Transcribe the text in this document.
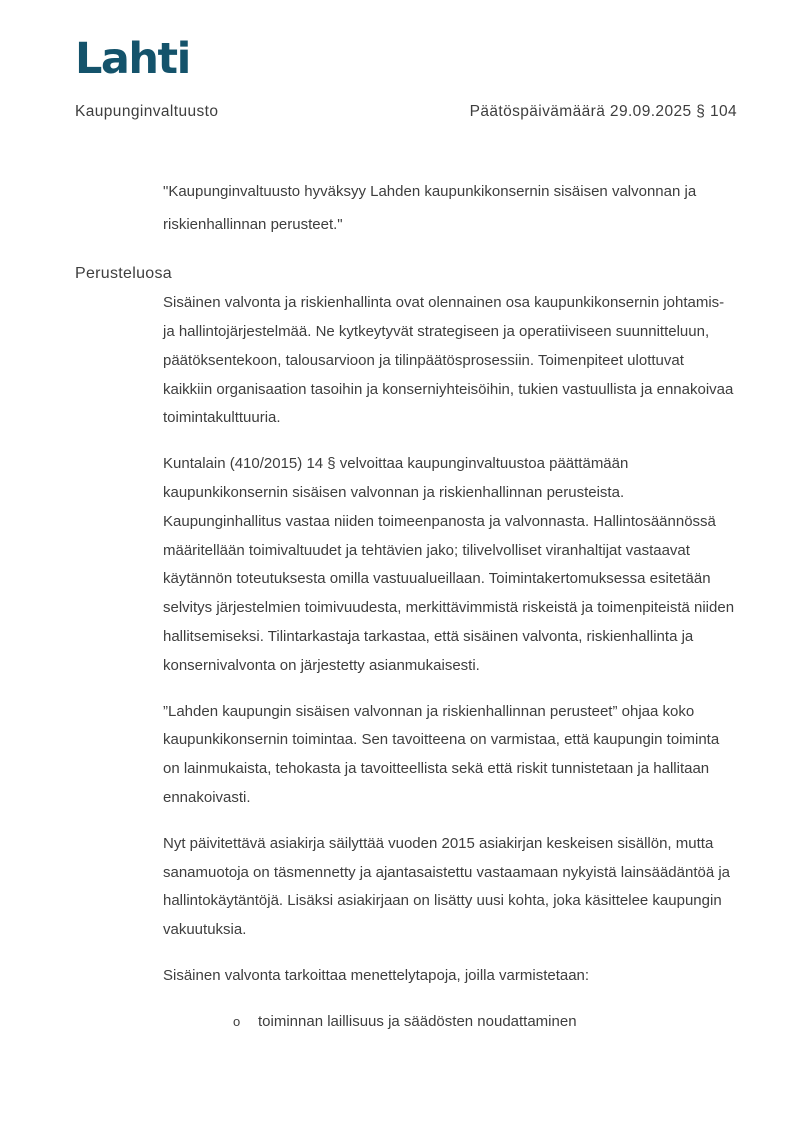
Lahti
Kaupunginvaltuusto	Päätöspäivämäärä 29.09.2025 § 104
"Kaupunginvaltuusto hyväksyy Lahden kaupunkikonsernin sisäisen valvonnan ja riskienhallinnan perusteet."
Perusteluosa

Sisäinen valvonta ja riskienhallinta ovat olennainen osa kaupunkikonsernin johtamis- ja hallintojärjestelmää. Ne kytkeytyvät strategiseen ja operatiiviseen suunnitteluun, päätöksentekoon, talousarvioon ja tilinpäätösprosessiin. Toimenpiteet ulottuvat kaikkiin organisaation tasoihin ja konserniyhteisöihin, tukien vastuullista ja ennakoivaa toimintakulttuuria.

Kuntalain (410/2015) 14 § velvoittaa kaupunginvaltuustoa päättämään kaupunkikonsernin sisäisen valvonnan ja riskienhallinnan perusteista. Kaupunginhallitus vastaa niiden toimeenpanosta ja valvonnasta. Hallintosäännössä määritellään toimivaltuudet ja tehtävien jako; tilivelvolliset viranhaltijat vastaavat käytännön toteutuksesta omilla vastuualueillaan. Toimintakertomuksessa esitetään selvitys järjestelmien toimivuudesta, merkittävimmistä riskeistä ja toimenpiteistä niiden hallitsemiseksi. Tilintarkastaja tarkastaa, että sisäinen valvonta, riskienhallinta ja konsernivalvonta on järjestetty asianmukaisesti.

”Lahden kaupungin sisäisen valvonnan ja riskienhallinnan perusteet” ohjaa koko kaupunkikonsernin toimintaa. Sen tavoitteena on varmistaa, että kaupungin toiminta on lainmukaista, tehokasta ja tavoitteellista sekä että riskit tunnistetaan ja hallitaan ennakoivasti.

Nyt päivitettävä asiakirja säilyttää vuoden 2015 asiakirjan keskeisen sisällön, mutta sanamuotoja on täsmennetty ja ajantasaistettu vastaamaan nykyistä lainsäädäntöä ja hallintokäytäntöjä. Lisäksi asiakirjaan on lisätty uusi kohta, joka käsittelee kaupungin vakuutuksia.

Sisäinen valvonta tarkoittaa menettelytapoja, joilla varmistetaan:

o	toiminnan laillisuus ja säädösten noudattaminen
